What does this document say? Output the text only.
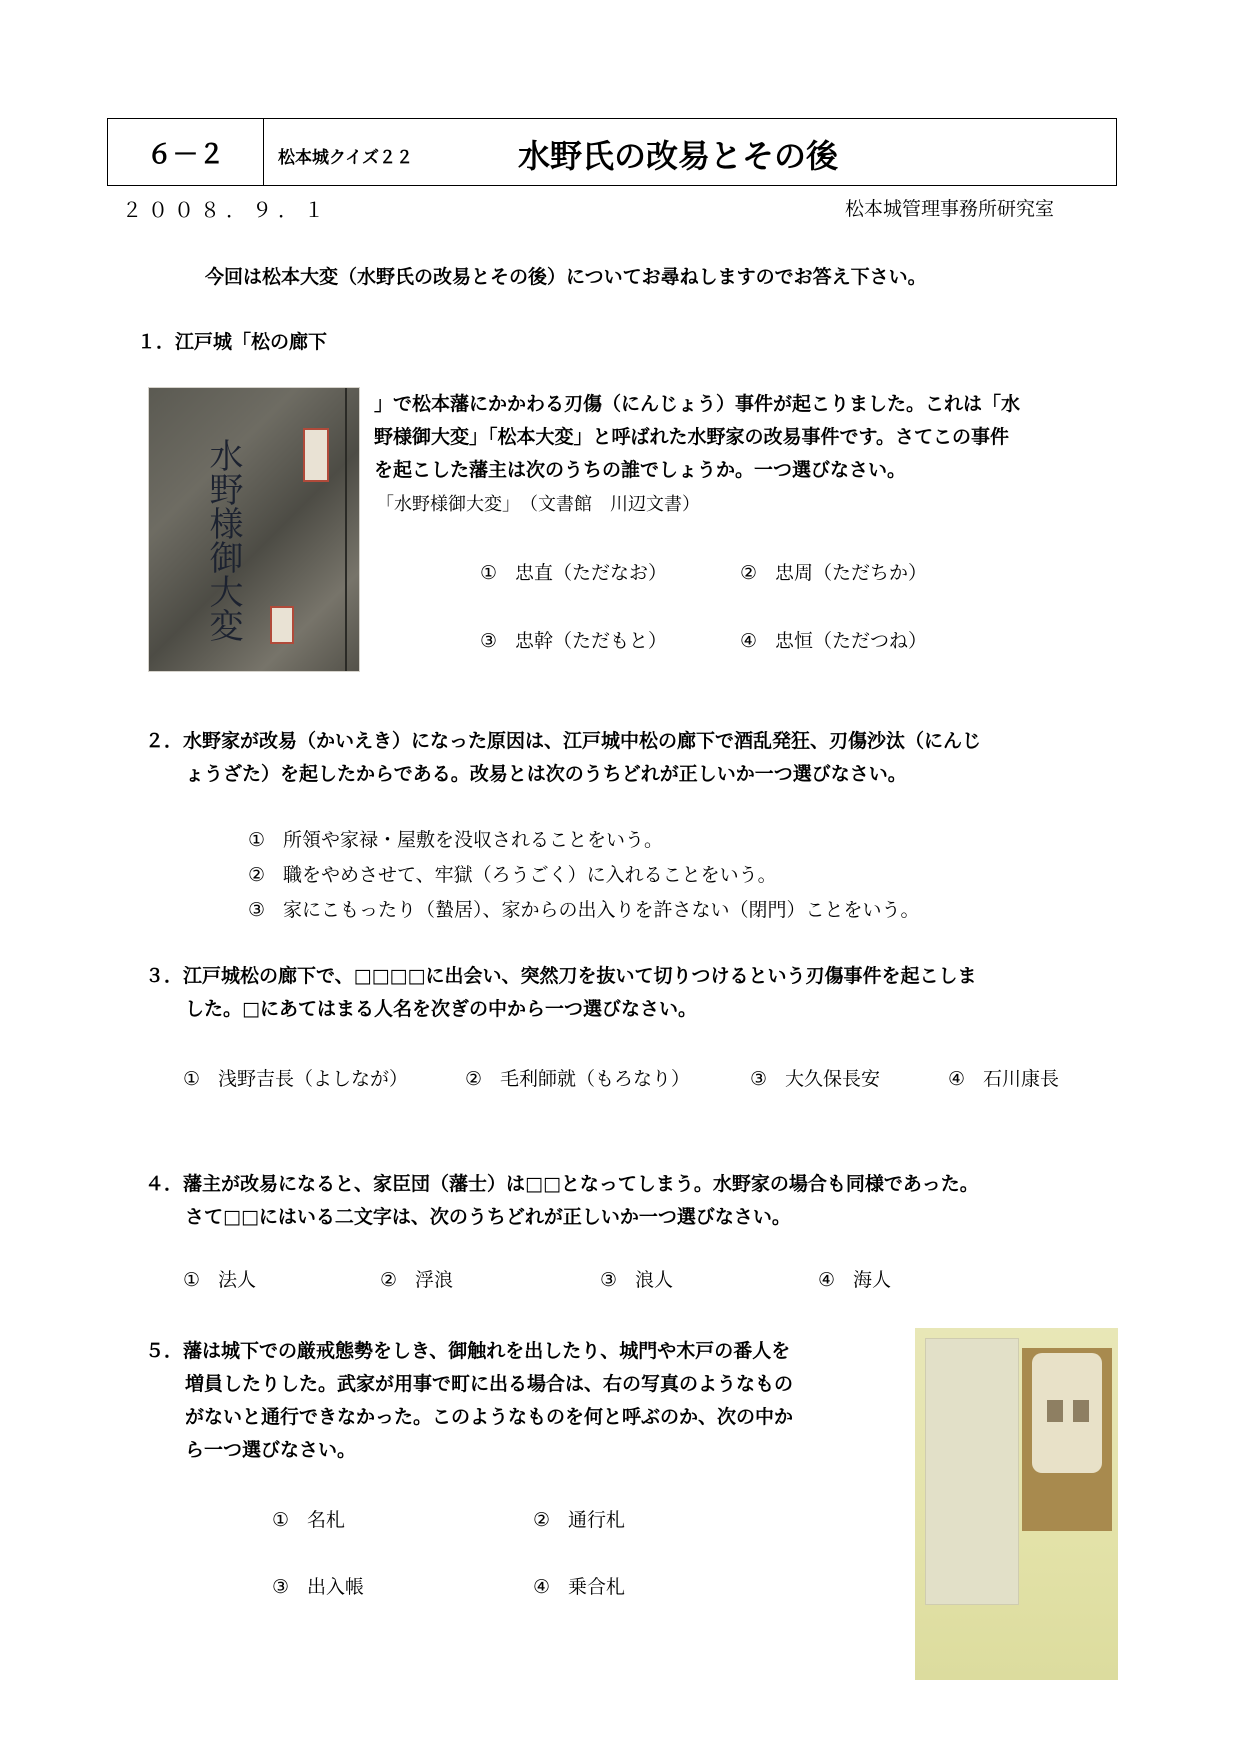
６－２	松本城クイズ２２	水野氏の改易とその後
２００８．９．１	松本城管理事務所研究室
今回は松本大変（水野氏の改易とその後）についてお尋ねしますのでお答え下さい。
１．江戸城「松の廊下
水野様御大変
」で松本藩にかかわる刃傷（にんじょう）事件が起こりました。これは「水
野様御大変」「松本大変」と呼ばれた水野家の改易事件です。さてこの事件
を起こした藩主は次のうちの誰でしょうか。一つ選びなさい。
「水野様御大変」　（文書館　川辺文書）
① 忠直（ただなお）	② 忠周（ただちか）
③ 忠幹（ただもと）	④ 忠恒（ただつね）
２．水野家が改易（かいえき）になった原因は、江戸城中松の廊下で酒乱発狂、刃傷沙汰（にんじ
ょうざた）を起したからである。改易とは次のうちどれが正しいか一つ選びなさい。
① 所領や家禄・屋敷を没収されることをいう。
② 職をやめさせて、牢獄（ろうごく）に入れることをいう。
③ 家にこもったり（蟄居）、家からの出入りを許さない（閉門）ことをいう。
３．江戸城松の廊下で、□□□□に出会い、突然刀を抜いて切りつけるという刃傷事件を起こしま
した。□にあてはまる人名を次ぎの中から一つ選びなさい。
① 浅野吉長（よしなが）	② 毛利師就（もろなり）	③ 大久保長安	④ 石川康長
４．藩主が改易になると、家臣団（藩士）は□□となってしまう。水野家の場合も同様であった。
さて□□にはいる二文字は、次のうちどれが正しいか一つ選びなさい。
① 法人	② 浮浪	③ 浪人	④ 海人
５．藩は城下での厳戒態勢をしき、御触れを出したり、城門や木戸の番人を
増員したりした。武家が用事で町に出る場合は、右の写真のようなもの
がないと通行できなかった。このようなものを何と呼ぶのか、次の中か
ら一つ選びなさい。
① 名札	② 通行札
③ 出入帳	④ 乗合札
